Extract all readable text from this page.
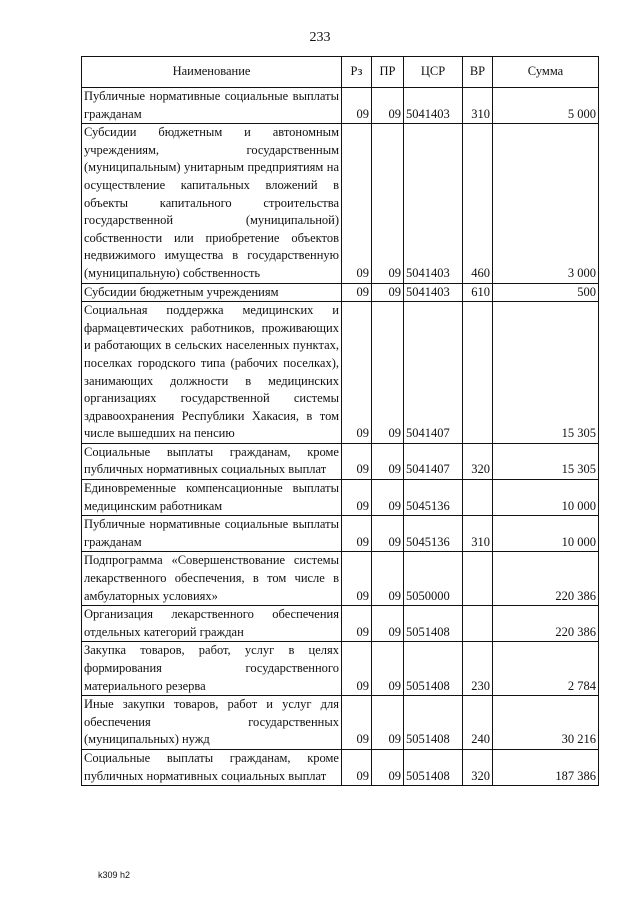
233
Наименование	Рз	ПР	ЦСР	ВР	Сумма
Публичные нормативные социальные выплаты гражданам	09	09	5041403	310	5 000
Субсидии бюджетным и автономным учреждениям, государственным (муниципальным) унитарным предприятиям на осуществление капитальных вложений в объекты капитального строительства государственной (муниципальной) собственности или приобретение объектов недвижимого имущества в государственную (муниципальную) собственность	09	09	5041403	460	3 000
Субсидии бюджетным учреждениям	09	09	5041403	610	500
Социальная поддержка медицинских и фармацевтических работников, проживающих и работающих в сельских населенных пунктах, поселках городского типа (рабочих поселках), занимающих должности в медицинских организациях государственной системы здравоохранения Республики Хакасия, в том числе вышедших на пенсию	09	09	5041407		15 305
Социальные выплаты гражданам, кроме публичных нормативных социальных выплат	09	09	5041407	320	15 305
Единовременные компенсационные выплаты медицинским работникам	09	09	5045136		10 000
Публичные нормативные социальные выплаты гражданам	09	09	5045136	310	10 000
Подпрограмма «Совершенствование системы лекарственного обеспечения, в том числе в амбулаторных условиях»	09	09	5050000		220 386
Организация лекарственного обеспечения отдельных категорий граждан	09	09	5051408		220 386
Закупка товаров, работ, услуг в целях формирования государственного материального резерва	09	09	5051408	230	2 784
Иные закупки товаров, работ и услуг для обеспечения государственных (муниципальных) нужд	09	09	5051408	240	30 216
Социальные выплаты гражданам, кроме публичных нормативных социальных выплат	09	09	5051408	320	187 386
k309 h2
